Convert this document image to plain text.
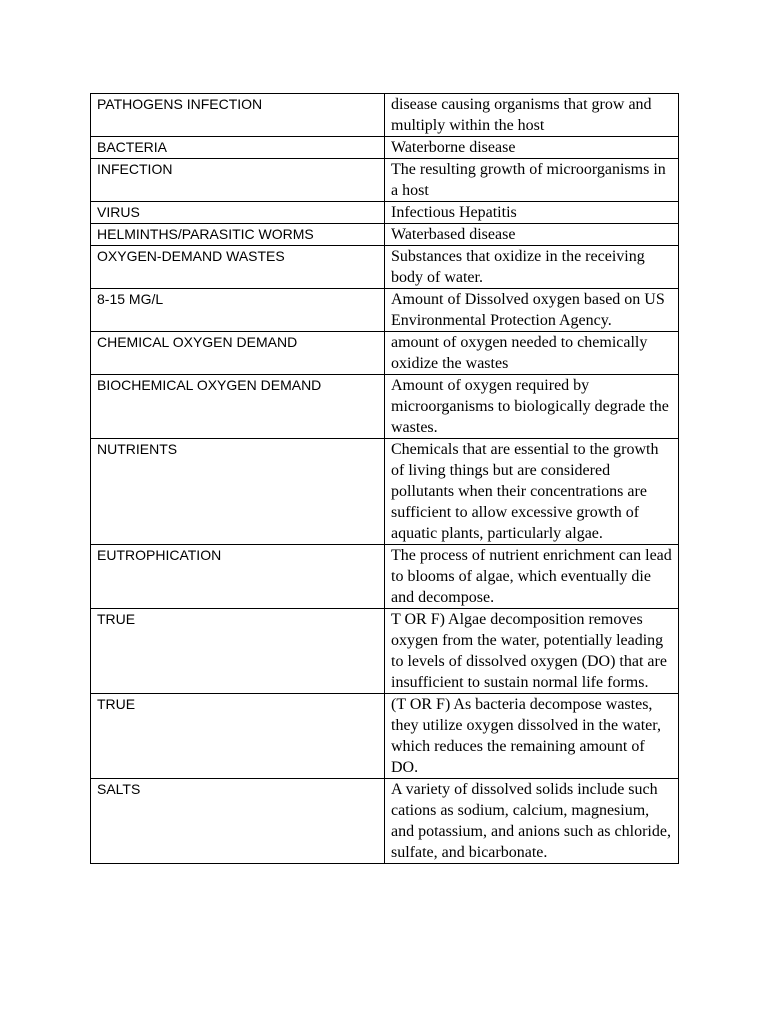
PATHOGENS INFECTION	disease causing organisms that grow and multiply within the host
BACTERIA	Waterborne disease
INFECTION	The resulting growth of microorganisms in a host
VIRUS	Infectious Hepatitis
HELMINTHS/PARASITIC WORMS	Waterbased disease
OXYGEN-DEMAND WASTES	Substances that oxidize in the receiving body of water.
8-15 MG/L	Amount of Dissolved oxygen based on US Environmental Protection Agency.
CHEMICAL OXYGEN DEMAND	amount of oxygen needed to chemically oxidize the wastes
BIOCHEMICAL OXYGEN DEMAND	Amount of oxygen required by microorganisms to biologically degrade the wastes.
NUTRIENTS	Chemicals that are essential to the growth of living things but are considered pollutants when their concentrations are sufficient to allow excessive growth of aquatic plants, particularly algae.
EUTROPHICATION	The process of nutrient enrichment can lead to blooms of algae, which eventually die and decompose.
TRUE	T OR F) Algae decomposition removes oxygen from the water, potentially leading to levels of dissolved oxygen (DO) that are insufficient to sustain normal life forms.
TRUE	(T OR F) As bacteria decompose wastes, they utilize oxygen dissolved in the water, which reduces the remaining amount of DO.
SALTS	A variety of dissolved solids include such cations as sodium, calcium, magnesium, and potassium, and anions such as chloride, sulfate, and bicarbonate.
